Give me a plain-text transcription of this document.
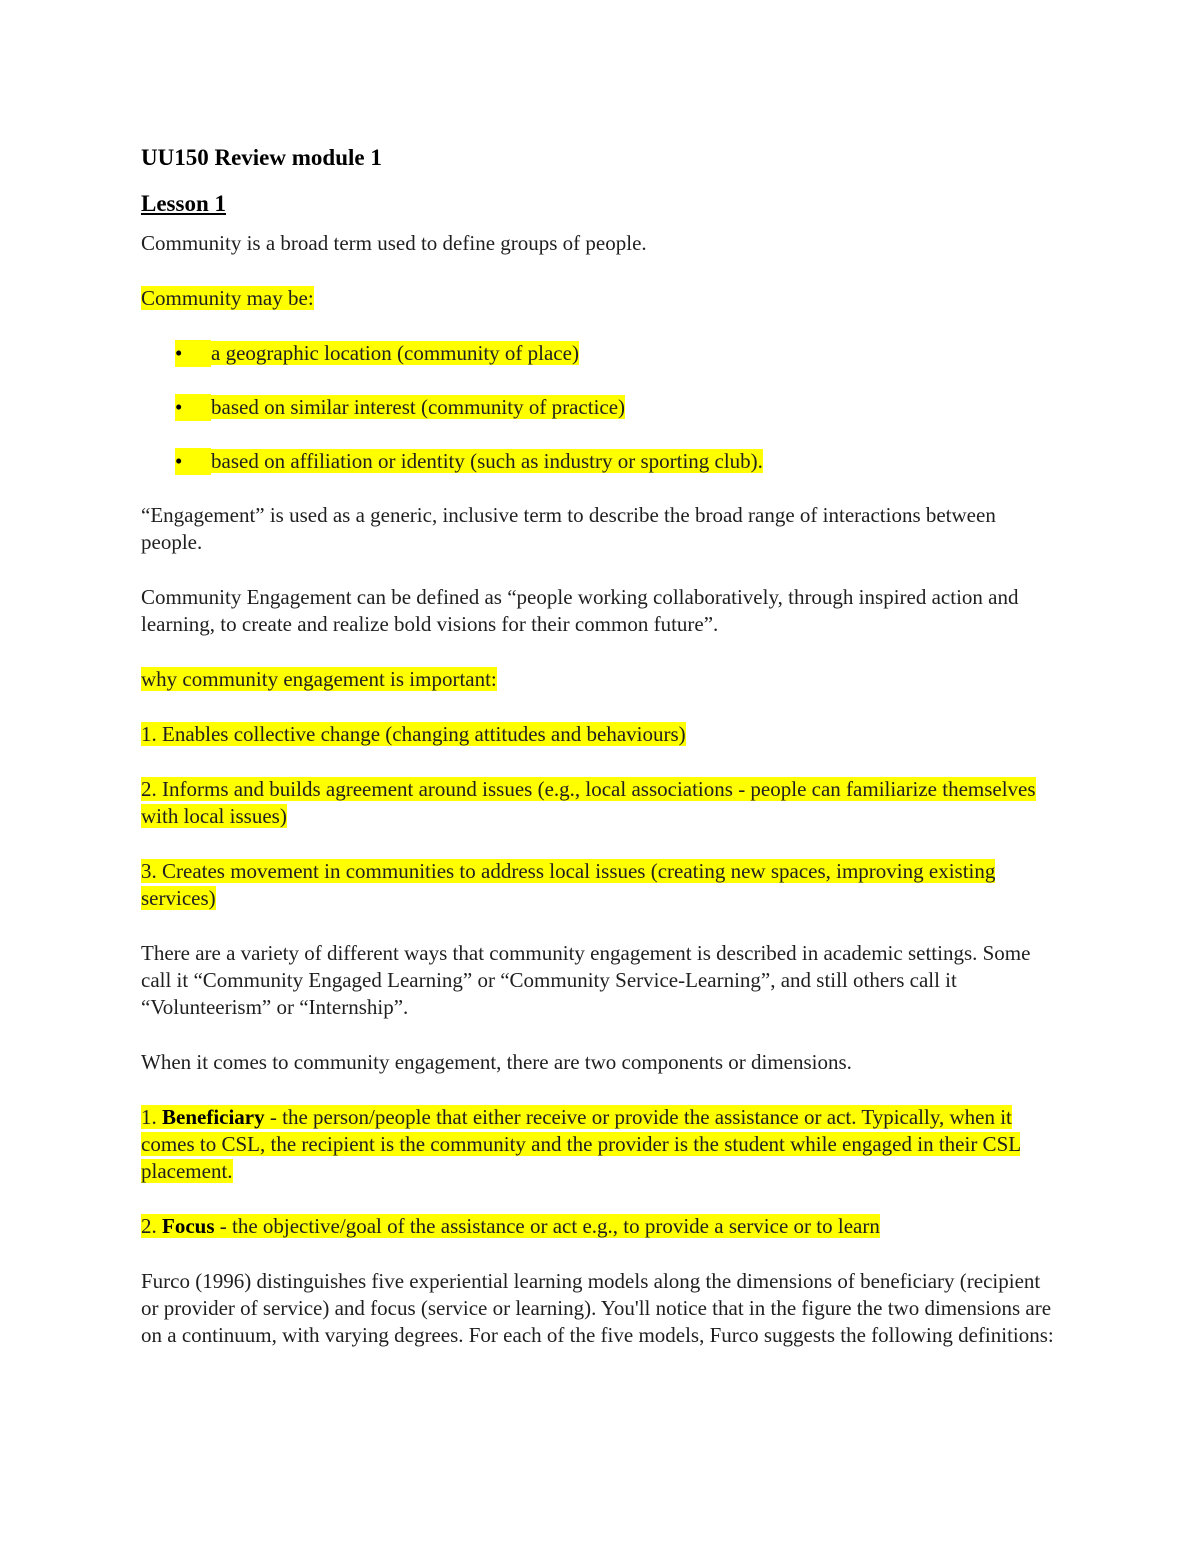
UU150 Review module 1
Lesson 1

Community is a broad term used to define groups of people.

Community may be:

•
a geographic location (community of place)
•
based on similar interest (community of practice)
•
based on affiliation or identity (such as industry or sporting club).

“Engagement” is used as a generic, inclusive term to describe the broad range of interactions between people.

Community Engagement can be defined as “people working collaboratively, through inspired action and learning, to create and realize bold visions for their common future”.

why community engagement is important:

1. Enables collective change (changing attitudes and behaviours)

2. Informs and builds agreement around issues (e.g., local associations - people can familiarize themselves with local issues)

3. Creates movement in communities to address local issues (creating new spaces, improving existing services)

There are a variety of different ways that community engagement is described in academic settings. Some call it “Community Engaged Learning” or “Community Service-Learning”, and still others call it “Volunteerism” or “Internship”.

When it comes to community engagement, there are two components or dimensions.

1. Beneficiary - the person/people that either receive or provide the assistance or act. Typically, when it comes to CSL, the recipient is the community and the provider is the student while engaged in their CSL placement.

2. Focus - the objective/goal of the assistance or act e.g., to provide a service or to learn

Furco (1996) distinguishes five experiential learning models along the dimensions of beneficiary (recipient or provider of service) and focus (service or learning). You'll notice that in the figure the two dimensions are on a continuum, with varying degrees. For each of the five models, Furco suggests the following definitions:
